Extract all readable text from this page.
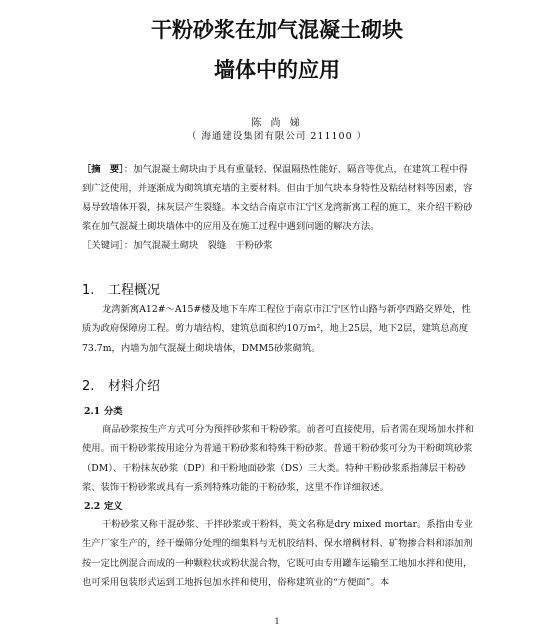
干粉砂浆在加气混凝土砌块
墙体中的应用
陈 尚 娣
（ 海通建设集团有限公司 211100 ）

［摘　要］：加气混凝土砌块由于具有重量轻、保温隔热性能好、隔音等优点，在建筑工程中得到广泛使用，并逐渐成为砌筑填充墙的主要材料。但由于加气块本身特性及粘结材料等因素，容易导致墙体开裂，抹灰层产生裂缝。本文结合南京市江宁区龙湾新寓工程的施工，来介绍干粉砂浆在加气混凝土砌块墙体中的应用及在施工过程中遇到问题的解决方法。

［关键词］：加气混凝土砌块　裂缝　干粉砂浆

1. 工程概况

龙湾新寓A12#～A15#楼及地下车库工程位于南京市江宁区竹山路与新亭西路交界处，性质为政府保障房工程。剪力墙结构，建筑总面积约10万m²，地上25层，地下2层，建筑总高度73.7m，内墙为加气混凝土砌块墙体，DMM5砂浆砌筑。

2. 材料介绍
2.1 分类

商品砂浆按生产方式可分为预拌砂浆和干粉砂浆。前者可直接使用，后者需在现场加水拌和使用。而干粉砂浆按用途分为普通干粉砂浆和特殊干粉砂浆。普通干粉砂浆可分为干粉砌筑砂浆（DM）、干粉抹灰砂浆（DP）和干粉地面砂浆（DS）三大类。特种干粉砂浆系指薄层干粉砂浆、装饰干粉砂浆或具有一系列特殊功能的干粉砂浆，这里不作详细叙述。

2.2 定义

干粉砂浆又称干混砂浆、干拌砂浆或干粉料，英文名称是dry mixed mortar。系指由专业生产厂家生产的，经干燥筛分处理的细集料与无机胶结料、保水增稠材料、矿物掺合料和添加剂按一定比例混合而成的一种颗粒状或粉状混合物，它既可由专用罐车运输至工地加水拌和使用，也可采用包装形式运到工地拆包加水拌和使用，俗称建筑业的“方便面”。本

1
